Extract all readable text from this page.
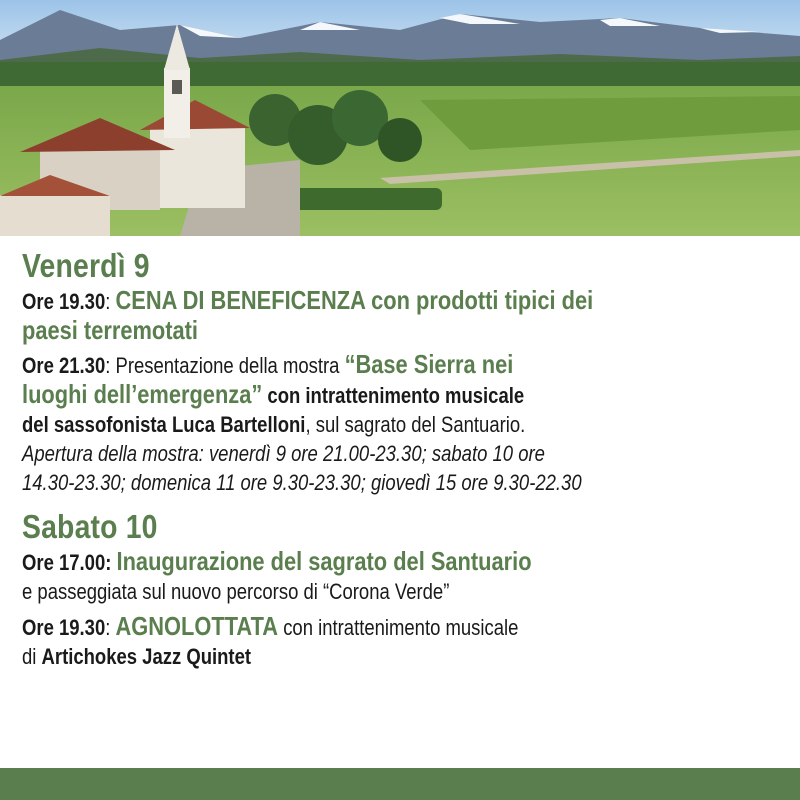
Venerdì 9
Ore 19.30: CENA DI BENEFICENZA con prodotti tipici dei
paesi terremotati
Ore 21.30: Presentazione della mostra “Base Sierra nei
luoghi dell’emergenza” con intrattenimento musicale
del sassofonista Luca Bartelloni, sul sagrato del Santuario.
Apertura della mostra: venerdì 9 ore 21.00-23.30; sabato 10 ore
14.30-23.30; domenica 11 ore 9.30-23.30; giovedì 15 ore 9.30-22.30
Sabato 10
Ore 17.00: Inaugurazione del sagrato del Santuario
e passeggiata sul nuovo percorso di “Corona Verde”
Ore 19.30: AGNOLOTTATA con intrattenimento musicale
di Artichokes Jazz Quintet
